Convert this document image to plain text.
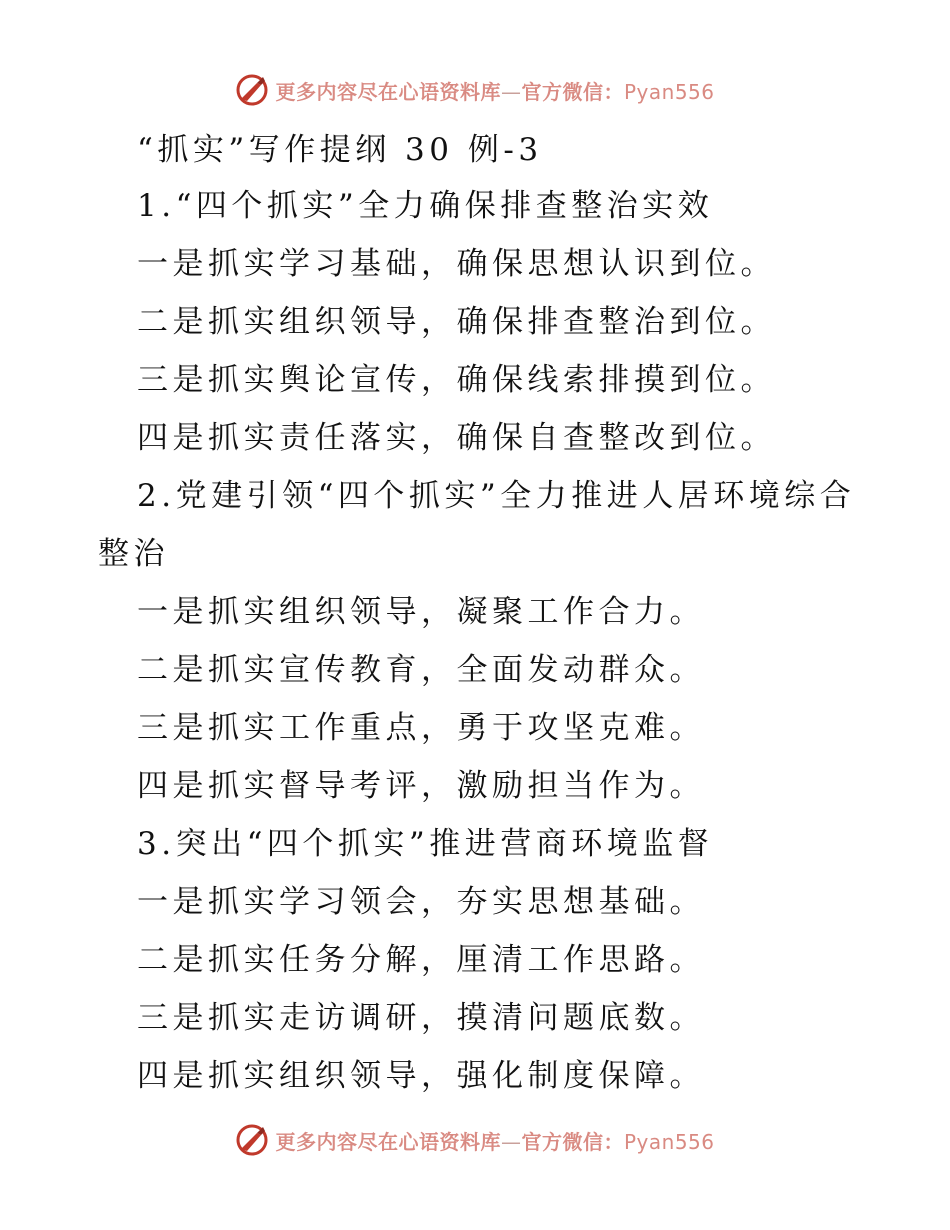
更多内容尽在心语资料库—官方微信：Pyan556
“抓实”写作提纲 30 例-3
1.“四个抓实”全力确保排查整治实效
一是抓实学习基础，确保思想认识到位。
二是抓实组织领导，确保排查整治到位。
三是抓实舆论宣传，确保线索排摸到位。
四是抓实责任落实，确保自查整改到位。
2.党建引领“四个抓实”全力推进人居环境综合
整治
一是抓实组织领导，凝聚工作合力。
二是抓实宣传教育，全面发动群众。
三是抓实工作重点，勇于攻坚克难。
四是抓实督导考评，激励担当作为。
3.突出“四个抓实”推进营商环境监督
一是抓实学习领会，夯实思想基础。
二是抓实任务分解，厘清工作思路。
三是抓实走访调研，摸清问题底数。
四是抓实组织领导，强化制度保障。
更多内容尽在心语资料库—官方微信：Pyan556
